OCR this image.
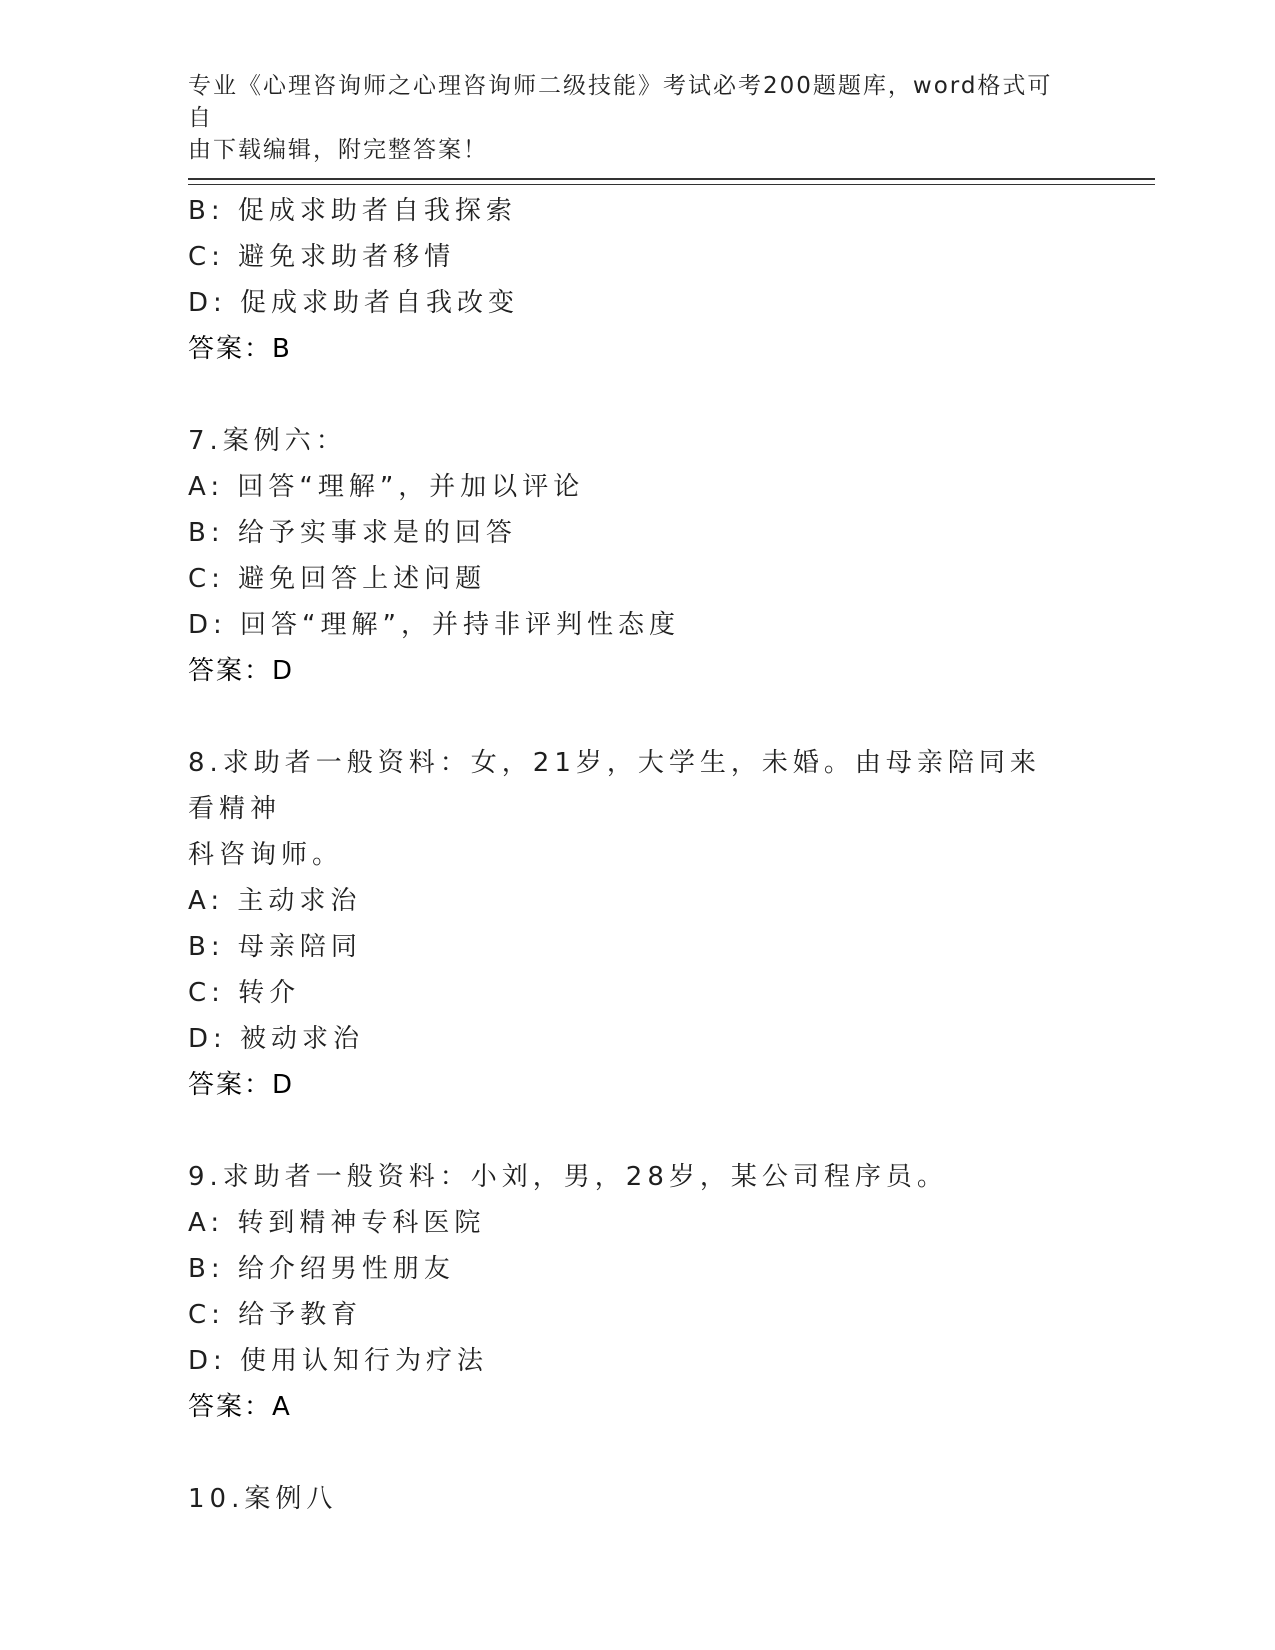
专业《心理咨询师之心理咨询师二级技能》考试必考200题题库，word格式可自
由下载编辑，附完整答案！
B: 促成求助者自我探索
C: 避免求助者移情
D: 促成求助者自我改变
答案：B
7.案例六：
A: 回答“理解”，并加以评论
B: 给予实事求是的回答
C: 避免回答上述问题
D: 回答“理解”，并持非评判性态度
答案：D
8.求助者一般资料：女，21岁，大学生，未婚。由母亲陪同来看精神
科咨询师。
A: 主动求治
B: 母亲陪同
C: 转介
D: 被动求治
答案：D
9.求助者一般资料：小刘，男，28岁，某公司程序员。
A: 转到精神专科医院
B: 给介绍男性朋友
C: 给予教育
D: 使用认知行为疗法
答案：A
10.案例八
